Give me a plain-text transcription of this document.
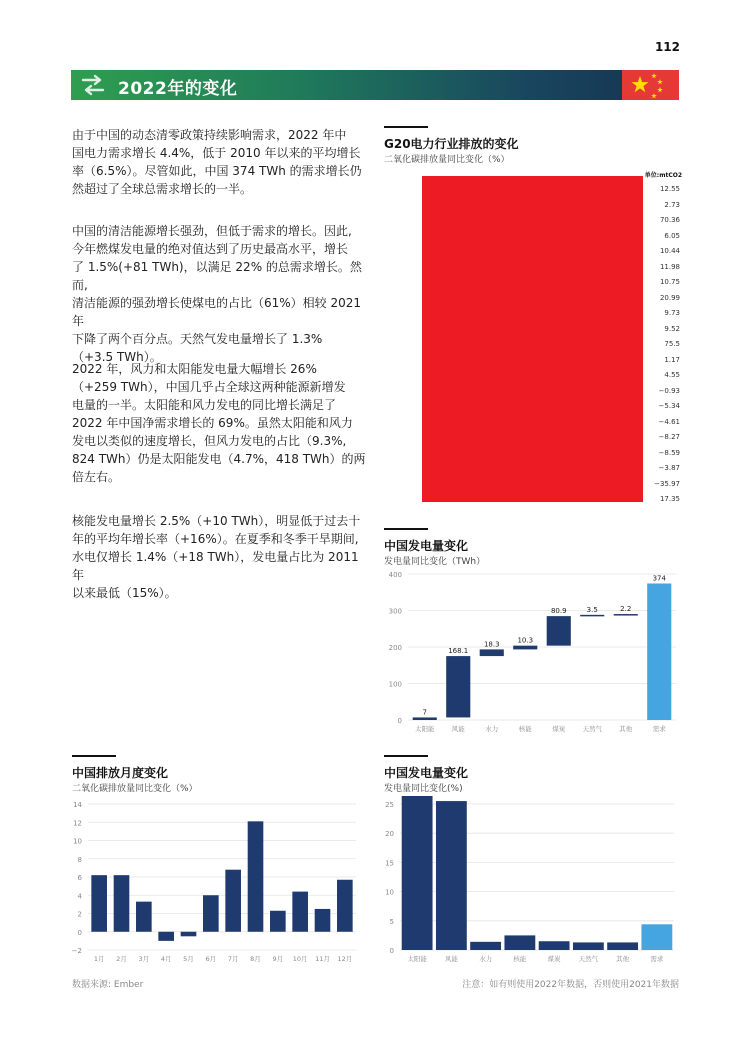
112
2022年的变化
由于中国的动态清零政策持续影响需求，2022 年中
国电力需求增长 4.4%，低于 2010 年以来的平均增长
率（6.5%）。尽管如此，中国 374 TWh 的需求增长仍
然超过了全球总需求增长的一半。
中国的清洁能源增长强劲，但低于需求的增长。因此,
今年燃煤发电量的绝对值达到了历史最高水平，增长
了 1.5%(+81 TWh)，以满足 22% 的总需求增长。然而,
清洁能源的强劲增长使煤电的占比（61%）相较 2021 年
下降了两个百分点。天然气发电量增长了 1.3%
（+3.5 TWh）。
2022 年，风力和太阳能发电量大幅增长 26%
（+259 TWh），中国几乎占全球这两种能源新增发
电量的一半。太阳能和风力发电的同比增长满足了
2022 年中国净需求增长的 69%。虽然太阳能和风力
发电以类似的速度增长，但风力发电的占比（9.3%,
824 TWh）仍是太阳能发电（4.7%，418 TWh）的两
倍左右。
核能发电量增长 2.5%（+10 TWh），明显低于过去十
年的平均年增长率（+16%）。在夏季和冬季干旱期间,
水电仅增长 1.4%（+18 TWh），发电量占比为 2011 年
以来最低（15%）。
G20电力行业排放的变化
二氧化碳排放量同比变化（%）
单位:mtCO2
12.55
2.73
70.36
6.05
10.44
11.98
10.75
20.99
9.73
9.52
75.5
1.17
4.55
−0.93
−5.34
−4.61
−8.27
−8.59
−3.87
−35.97
17.35
中国发电量变化
发电量同比变化（TWh）
0
100
200
300
400
7
太阳能
168.1
风能
18.3
水力
10.3
核能
80.9
煤炭
3.5
天然气
2.2
其他
374
需求
中国排放月度变化
二氧化碳排放量同比变化（%）
−2
0
2
4
6
8
10
12
14
1月 2月 3月 4月 5月 6月 7月 8月 9月 10月 11月 12月
中国发电量变化
发电量同比变化(%)
0
5
10
15
20
25
太阳能	风能	水力	核能	煤炭	天然气	其他	需求
数据来源: Ember	注意：如有则使用2022年数据，否则使用2021年数据
